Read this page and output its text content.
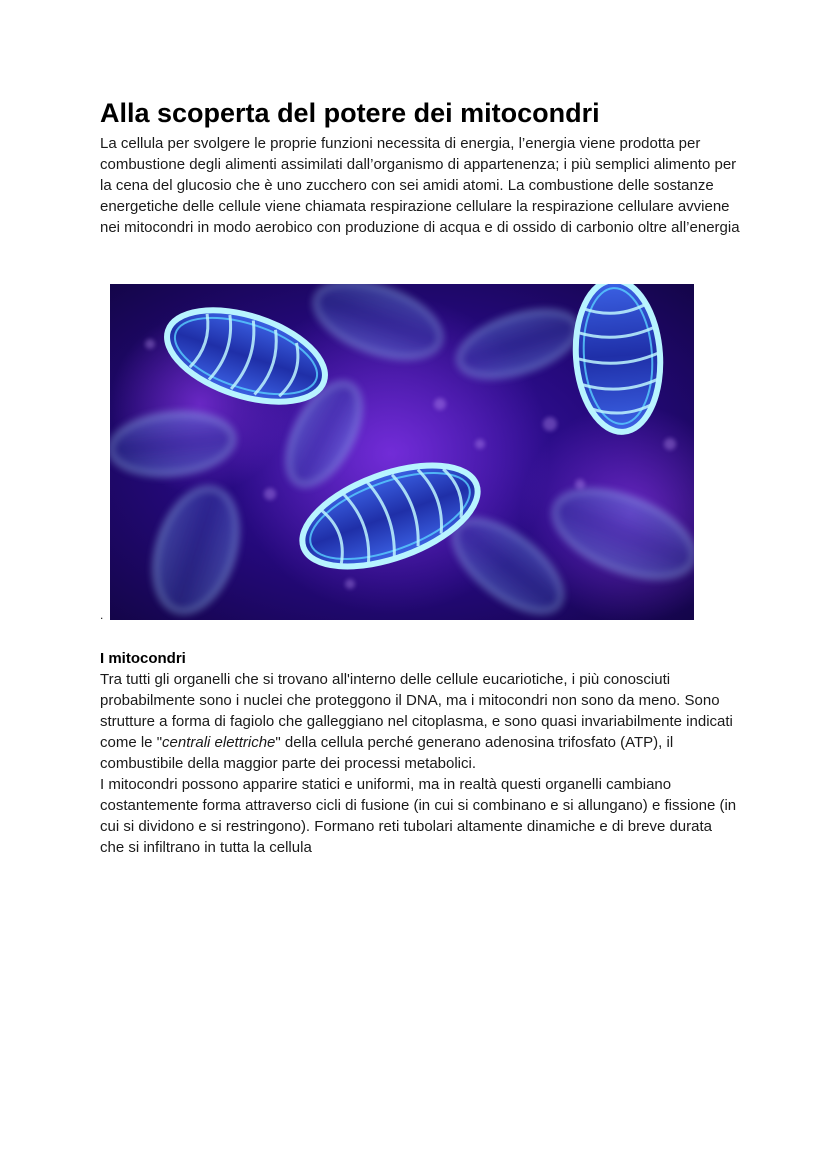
Alla scoperta del potere dei mitocondri

La cellula per svolgere le proprie funzioni necessita di energia, l’energia viene prodotta per combustione degli alimenti assimilati dall’organismo di appartenenza; i più semplici alimento per la cena del glucosio che è uno zucchero con sei amidi atomi. La combustione delle sostanze energetiche delle cellule viene chiamata respirazione cellulare la respirazione cellulare avviene nei mitocondri in modo aerobico con produzione di acqua e di ossido di carbonio oltre all’energia

.
I mitocondri

Tra tutti gli organelli che si trovano all'interno delle cellule eucariotiche, i più conosciuti probabilmente sono i nuclei che proteggono il DNA, ma i mitocondri non sono da meno. Sono strutture a forma di fagiolo che galleggiano nel citoplasma, e sono quasi invariabilmente indicati come le "centrali elettriche" della cellula perché generano adenosina trifosfato (ATP), il combustibile della maggior parte dei processi metabolici.

I mitocondri possono apparire statici e uniformi, ma in realtà questi organelli cambiano costantemente forma attraverso cicli di fusione (in cui si combinano e si allungano) e fissione (in cui si dividono e si restringono). Formano reti tubolari altamente dinamiche e di breve durata che si infiltrano in tutta la cellula
